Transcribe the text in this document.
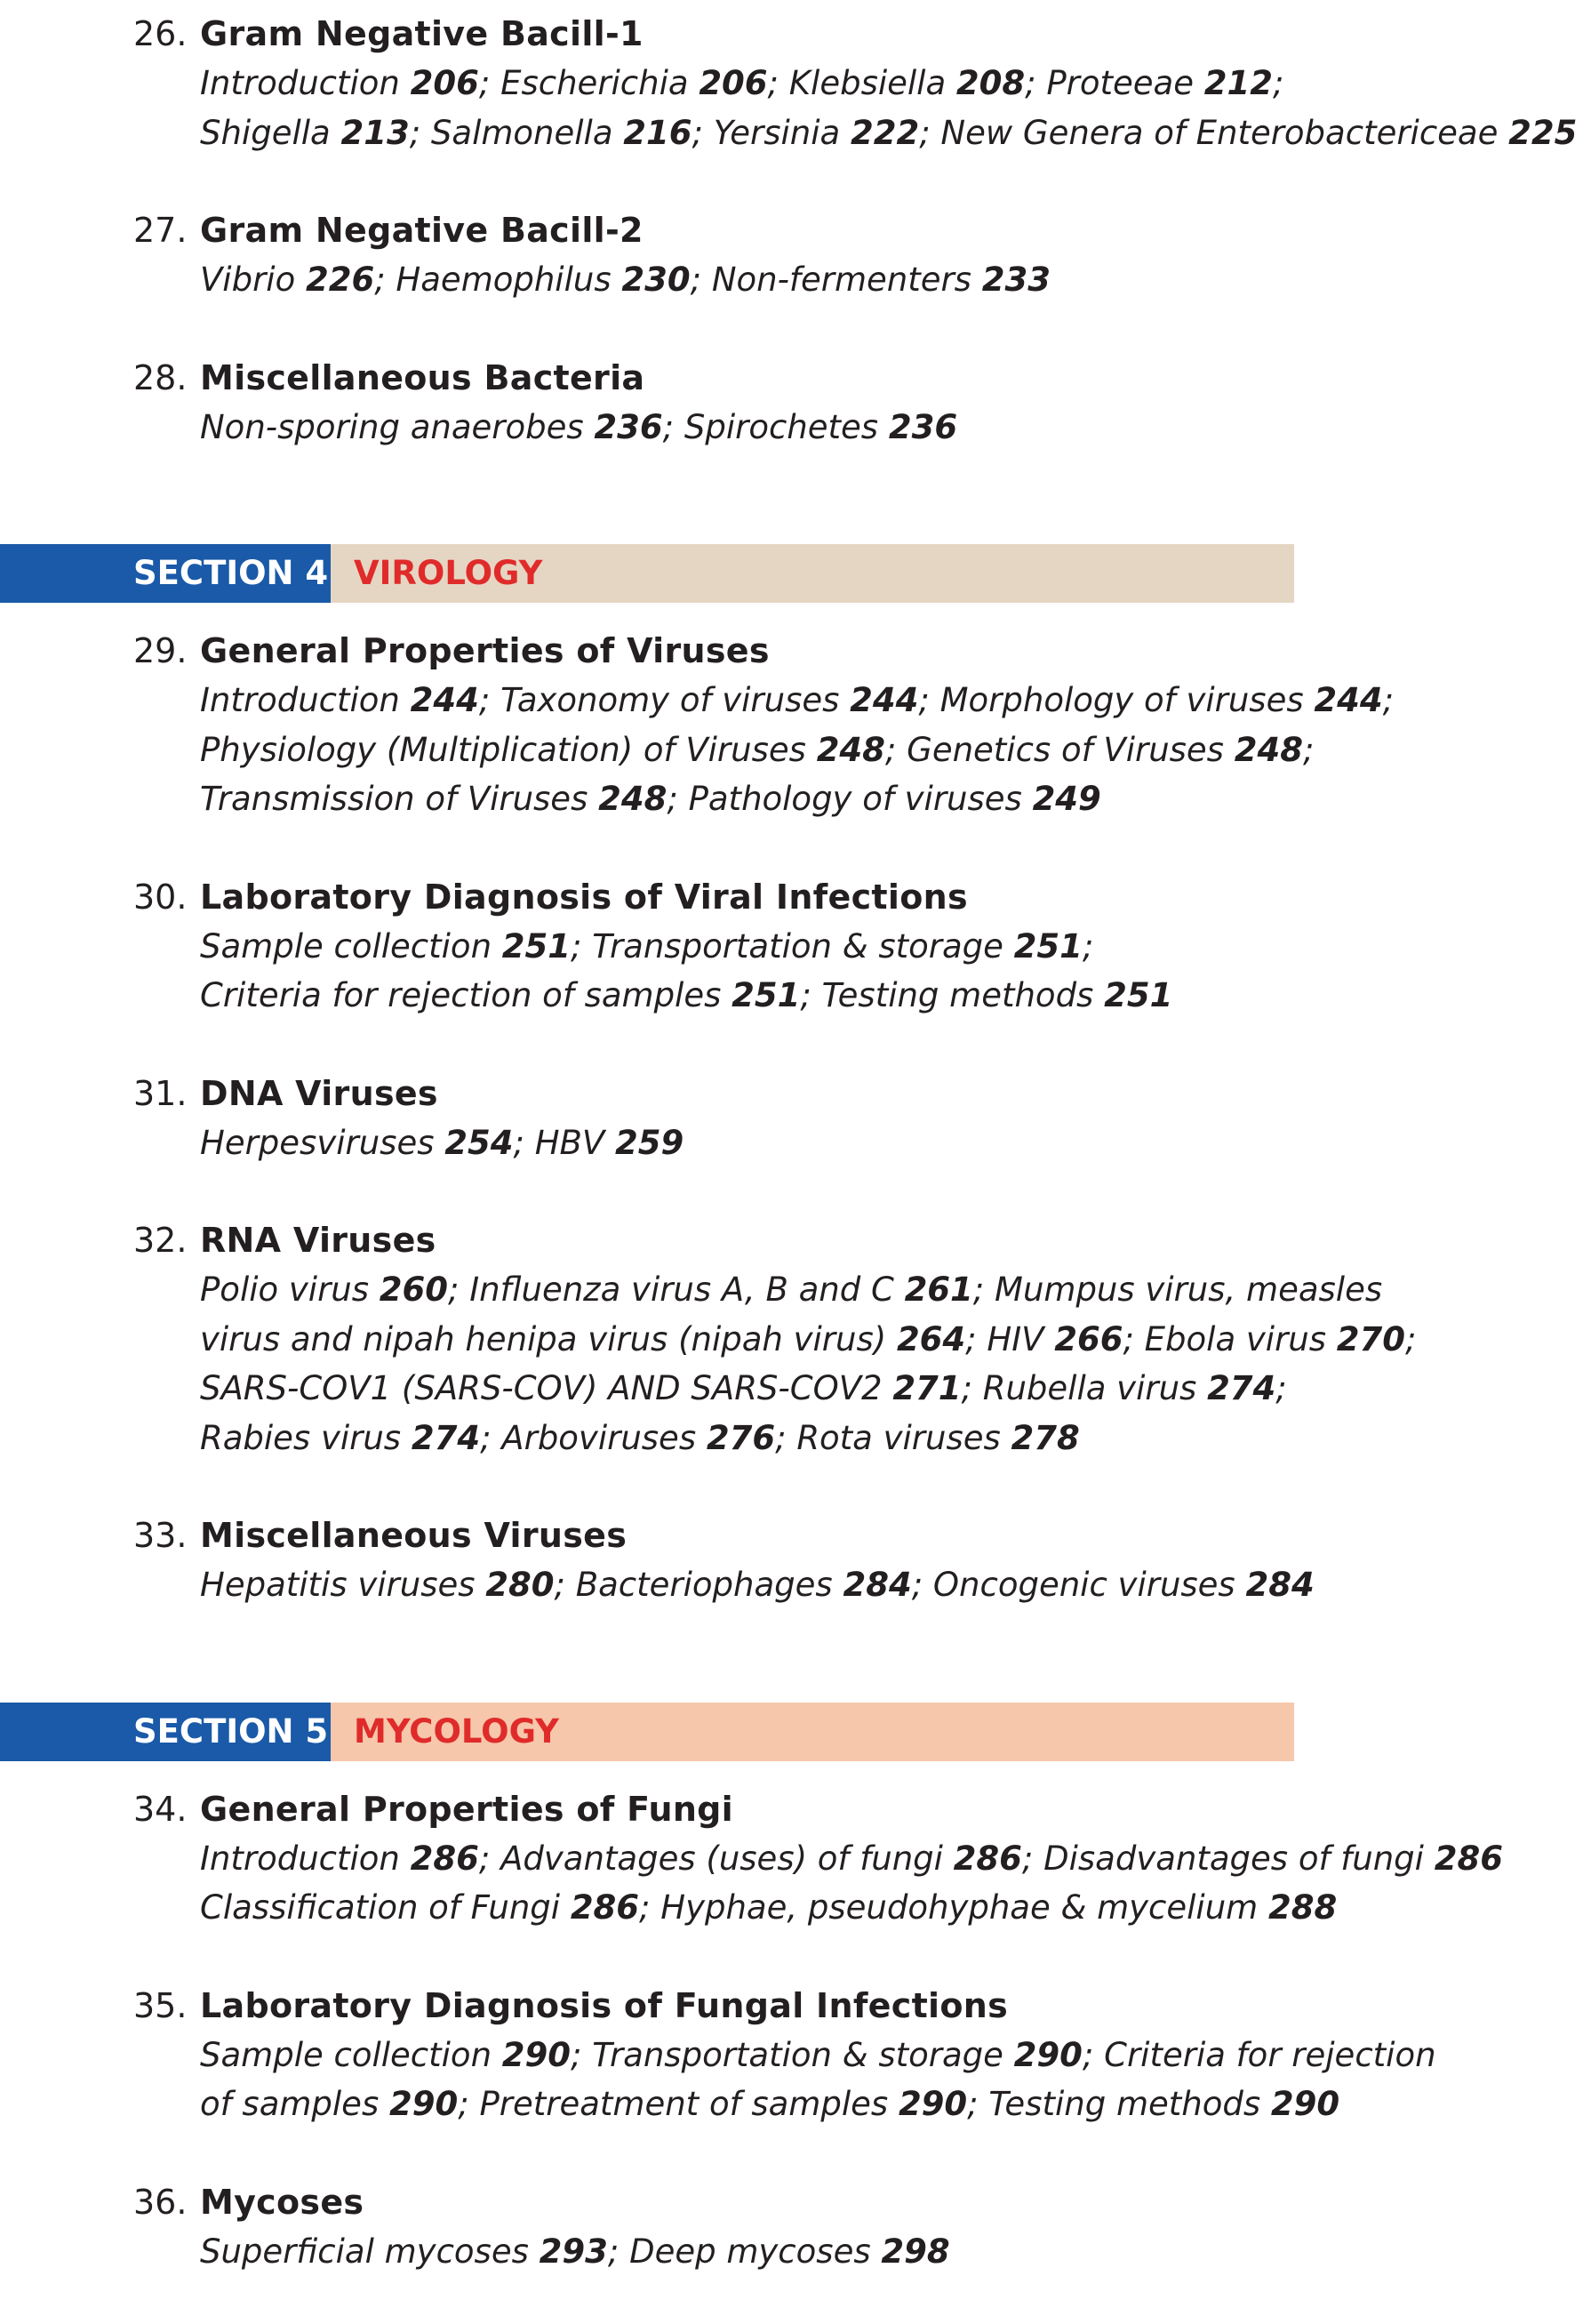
26. Gram Negative Bacill-1
Introduction 206; Escherichia 206; Klebsiella 208; Proteeae 212;
Shigella 213; Salmonella 216; Yersinia 222; New Genera of Enterobactericeae 225
27. Gram Negative Bacill-2
Vibrio 226; Haemophilus 230; Non-fermenters 233
28. Miscellaneous Bacteria
Non-sporing anaerobes 236; Spirochetes 236
SECTION 4 VIROLOGY
29. General Properties of Viruses
Introduction 244; Taxonomy of viruses 244; Morphology of viruses 244;
Physiology (Multiplication) of Viruses 248; Genetics of Viruses 248;
Transmission of Viruses 248; Pathology of viruses 249
30. Laboratory Diagnosis of Viral Infections
Sample collection 251; Transportation & storage 251;
Criteria for rejection of samples 251; Testing methods 251
31. DNA Viruses
Herpesviruses 254; HBV 259
32. RNA Viruses
Polio virus 260; Influenza virus A, B and C 261; Mumpus virus, measles
virus and nipah henipa virus (nipah virus) 264; HIV 266; Ebola virus 270;
SARS-COV1 (SARS-COV) AND SARS-COV2 271; Rubella virus 274;
Rabies virus 274; Arboviruses 276; Rota viruses 278
33. Miscellaneous Viruses
Hepatitis viruses 280; Bacteriophages 284; Oncogenic viruses 284
SECTION 5 MYCOLOGY
34. General Properties of Fungi
Introduction 286; Advantages (uses) of fungi 286; Disadvantages of fungi 286
Classification of Fungi 286; Hyphae, pseudohyphae & mycelium 288
35. Laboratory Diagnosis of Fungal Infections
Sample collection 290; Transportation & storage 290; Criteria for rejection
of samples 290; Pretreatment of samples 290; Testing methods 290
36. Mycoses
Superficial mycoses 293; Deep mycoses 298
